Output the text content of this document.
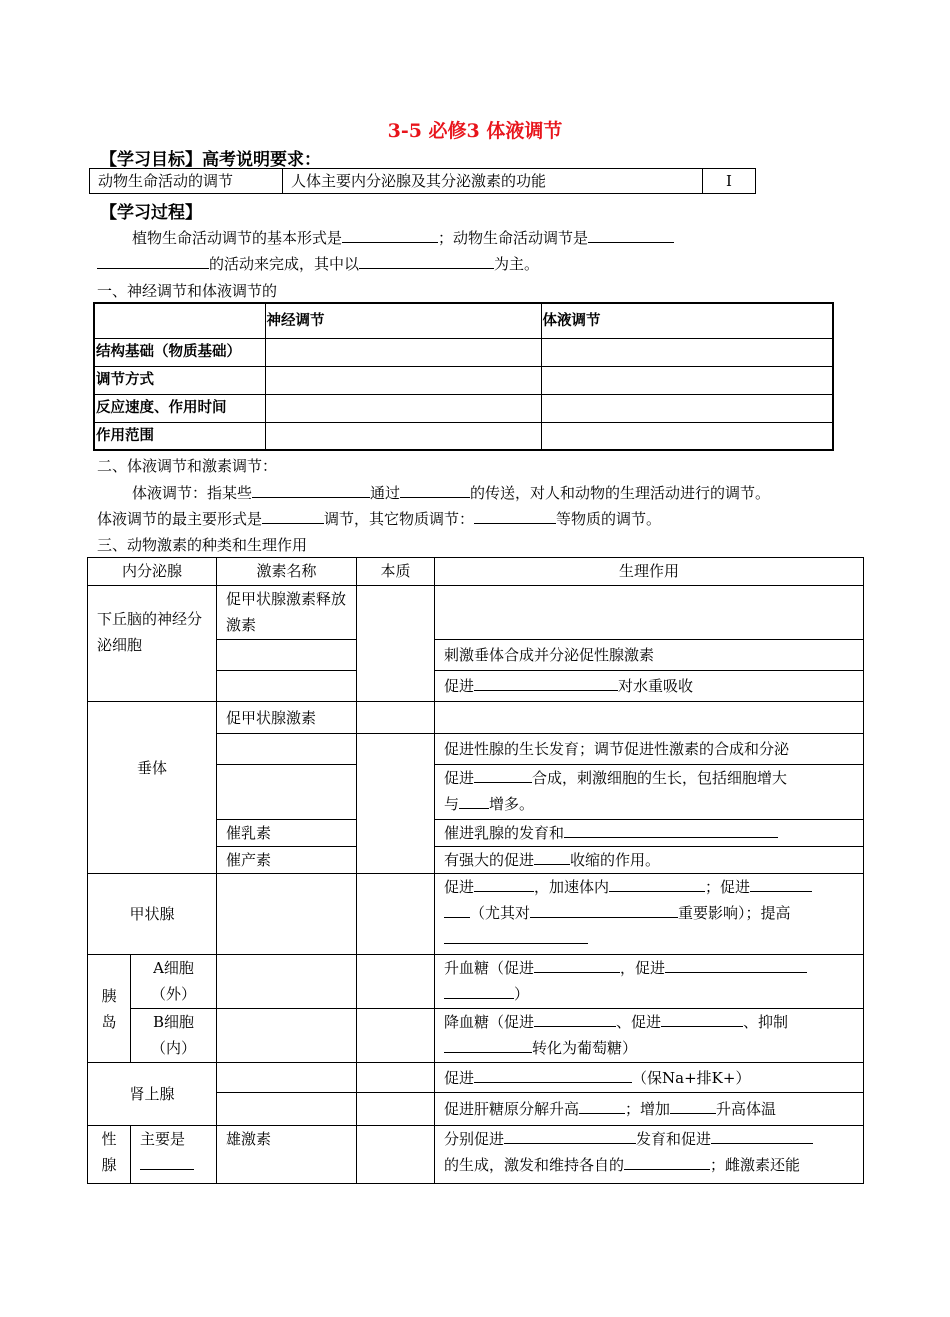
3-5 必修3 体液调节
【学习目标】高考说明要求：
动物生命活动的调节	人体主要内分泌腺及其分泌激素的功能	I
【学习过程】
植物生命活动调节的基本形式是	；动物生命活动调节是
的活动来完成，其中以	为主。
一、神经调节和体液调节的
	神经调节	体液调节
结构基础（物质基础）		
调节方式		
反应速度、作用时间		
作用范围		
二、体液调节和激素调节：
体液调节：指某些	通过	的传送，对人和动物的生理活动进行的调节。
体液调节的最主要形式是	调节，其它物质调节：	等物质的调节。
三、动物激素的种类和生理作用
内分泌腺		激素名称	本质	生理作用
下丘脑的神经分泌细胞		促甲状腺激素释放激素		
				刺激垂体合成并分泌促性腺激素
				促进 对水重吸收
垂体		促甲状腺激素		
				促进性腺的生长发育；调节促进性激素的合成和分泌
				促进 合成，刺激细胞的生长，包括细胞增大
与 增多。
		催乳素		催进乳腺的发育和
		催产素		有强大的促进 收缩的作用。
甲状腺				促进 ，加速体内 ；促进
（尤其对 重要影响）；提高

胰岛	A细胞（外）			升血糖（促进 ，促进
）
	B细胞（内）			降血糖（促进 、促进 、抑制
转化为葡萄糖）
肾上腺				促进 （保Na+排K+）
				促进肝糖原分解升高 ；增加 升高体温
性腺	主要是	雄激素		分别促进 发育和促进
的生成，激发和维持各自的 ；雌激素还能
